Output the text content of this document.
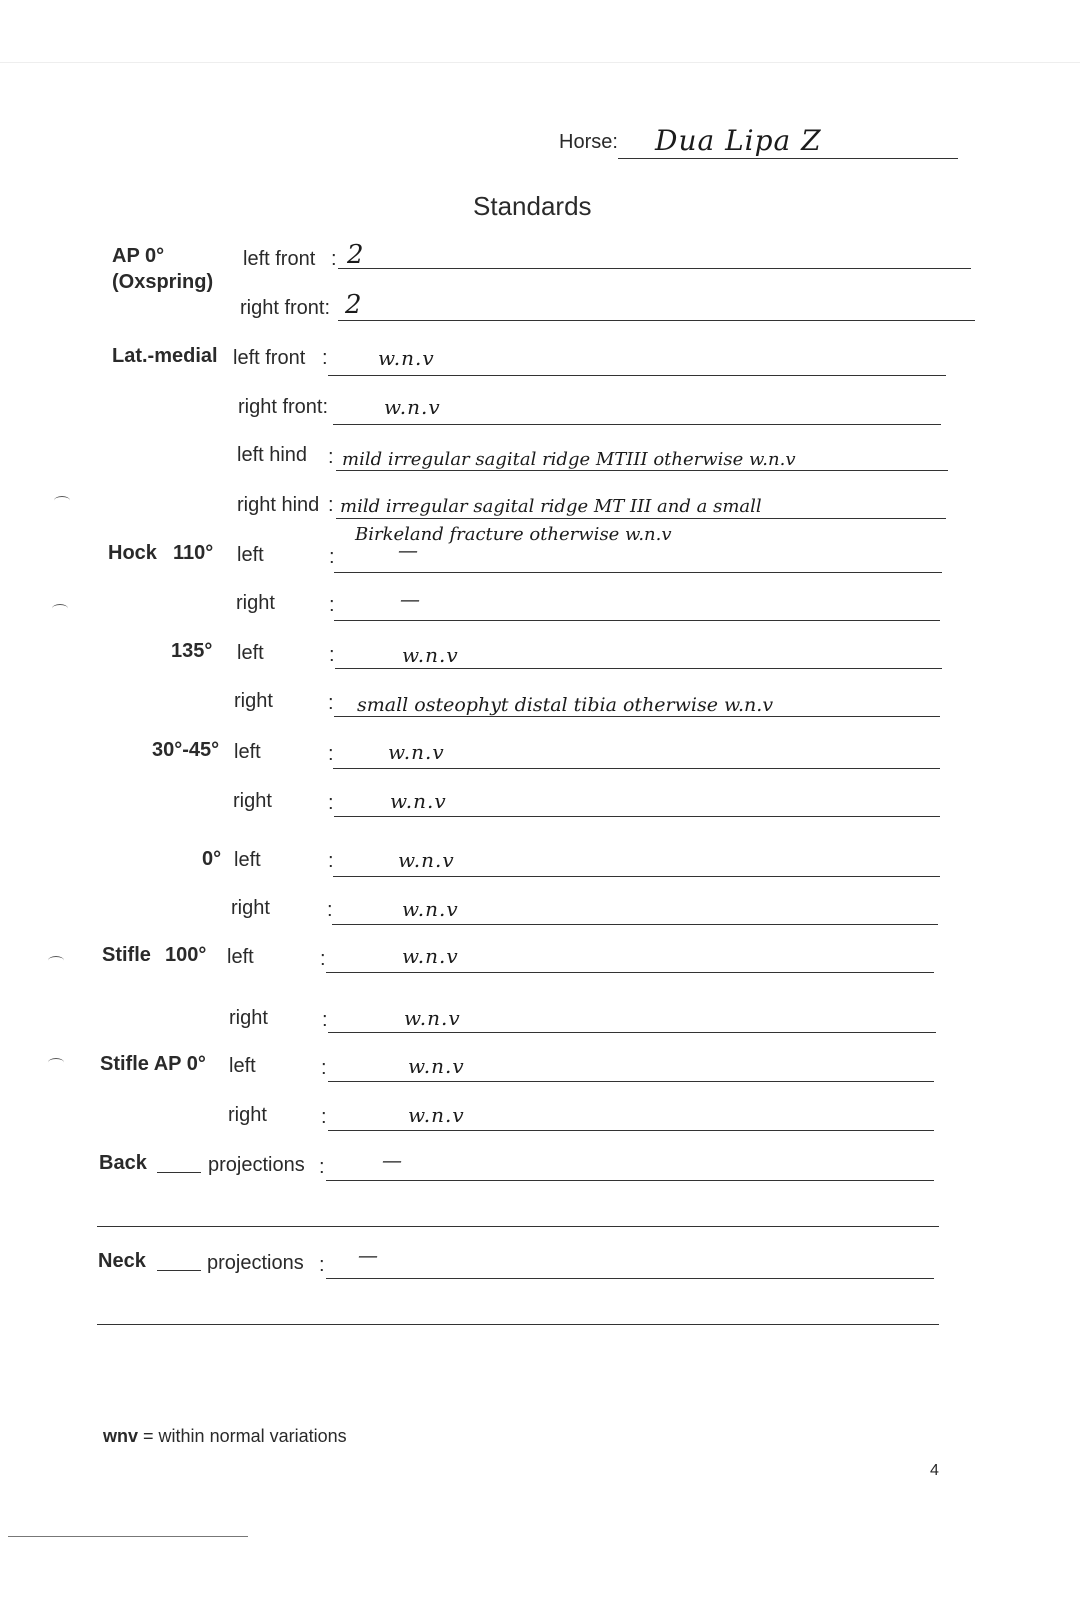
Horse: Dua Lipa Z
Standards
AP 0°
(Oxspring)
left front : 2
right front: 2
Lat.-medial left front :	w.n.v
right front:	w.n.v
left hind : mild irregular sagital ridge MTIII otherwise w.n.v
right hind : mild irregular sagital ridge MT III and a small
Birkeland fracture otherwise w.n.v
Hock 110° left	:	—
right	:	—
135° left	:	w.n.v
right	: small osteophyt distal tibia otherwise w.n.v
30°-45° left	:	w.n.v
right	:	w.n.v
0° left	:	w.n.v
right	:	w.n.v
Stifle 100° left	:	w.n.v
right	:	w.n.v
Stifle AP 0° left	:	w.n.v
right	:	w.n.v
Back	projections :	—
Neck	projections : —
wnv = within normal variations
4
